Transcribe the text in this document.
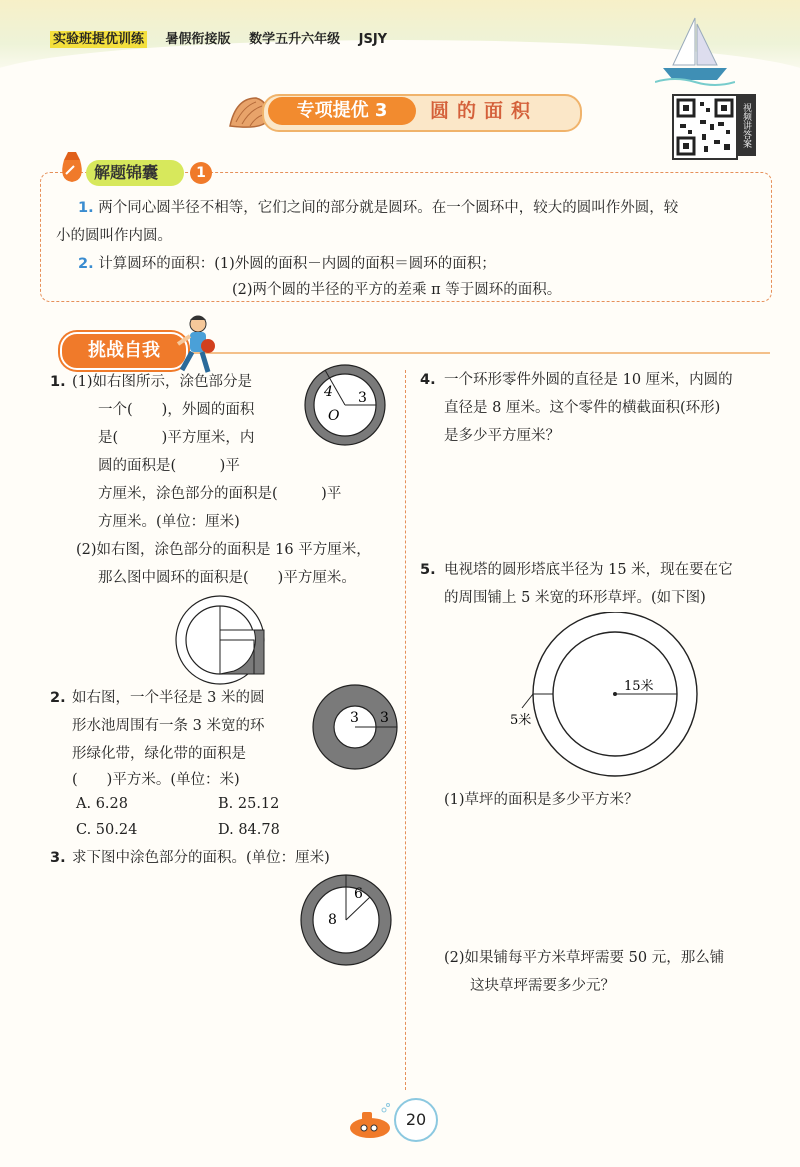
实验班提优训练 暑假衔接版 数学五升六年级 JSJY
专项提优 3	圆的面积	视频讲答案
解题锦囊	1
1. 两个同心圆半径不相等，它们之间的部分就是圆环。在一个圆环中，较大的圆叫作外圆，较
小的圆叫作内圆。
2. 计算圆环的面积：(1)外圆的面积－内圆的面积＝圆环的面积；
(2)两个圆的半径的平方的差乘 π 等于圆环的面积。
挑战自我
1. (1)如右图所示，涂色部分是
一个(　　)，外圆的面积
是(　　　)平方厘米，内
圆的面积是(　　　)平
方厘米，涂色部分的面积是(　　　)平
方厘米。(单位：厘米)
4 3
O
(2)如右图，涂色部分的面积是 16 平方厘米，
那么图中圆环的面积是(　　)平方厘米。
2. 如右图，一个半径是 3 米的圆
形水池周围有一条 3 米宽的环
形绿化带，绿化带的面积是
(　　)平方米。(单位：米)
A. 6.28	B. 25.12
C. 50.24	D. 84.78
3 3
3. 求下图中涂色部分的面积。(单位：厘米)
6
8
4. 一个环形零件外圆的直径是 10 厘米，内圆的
直径是 8 厘米。这个零件的横截面积(环形)
是多少平方厘米？
5. 电视塔的圆形塔底半径为 15 米，现在要在它
的周围铺上 5 米宽的环形草坪。(如下图)
15米
5米
(1)草坪的面积是多少平方米？
(2)如果铺每平方米草坪需要 50 元，那么铺
这块草坪需要多少元？
20
